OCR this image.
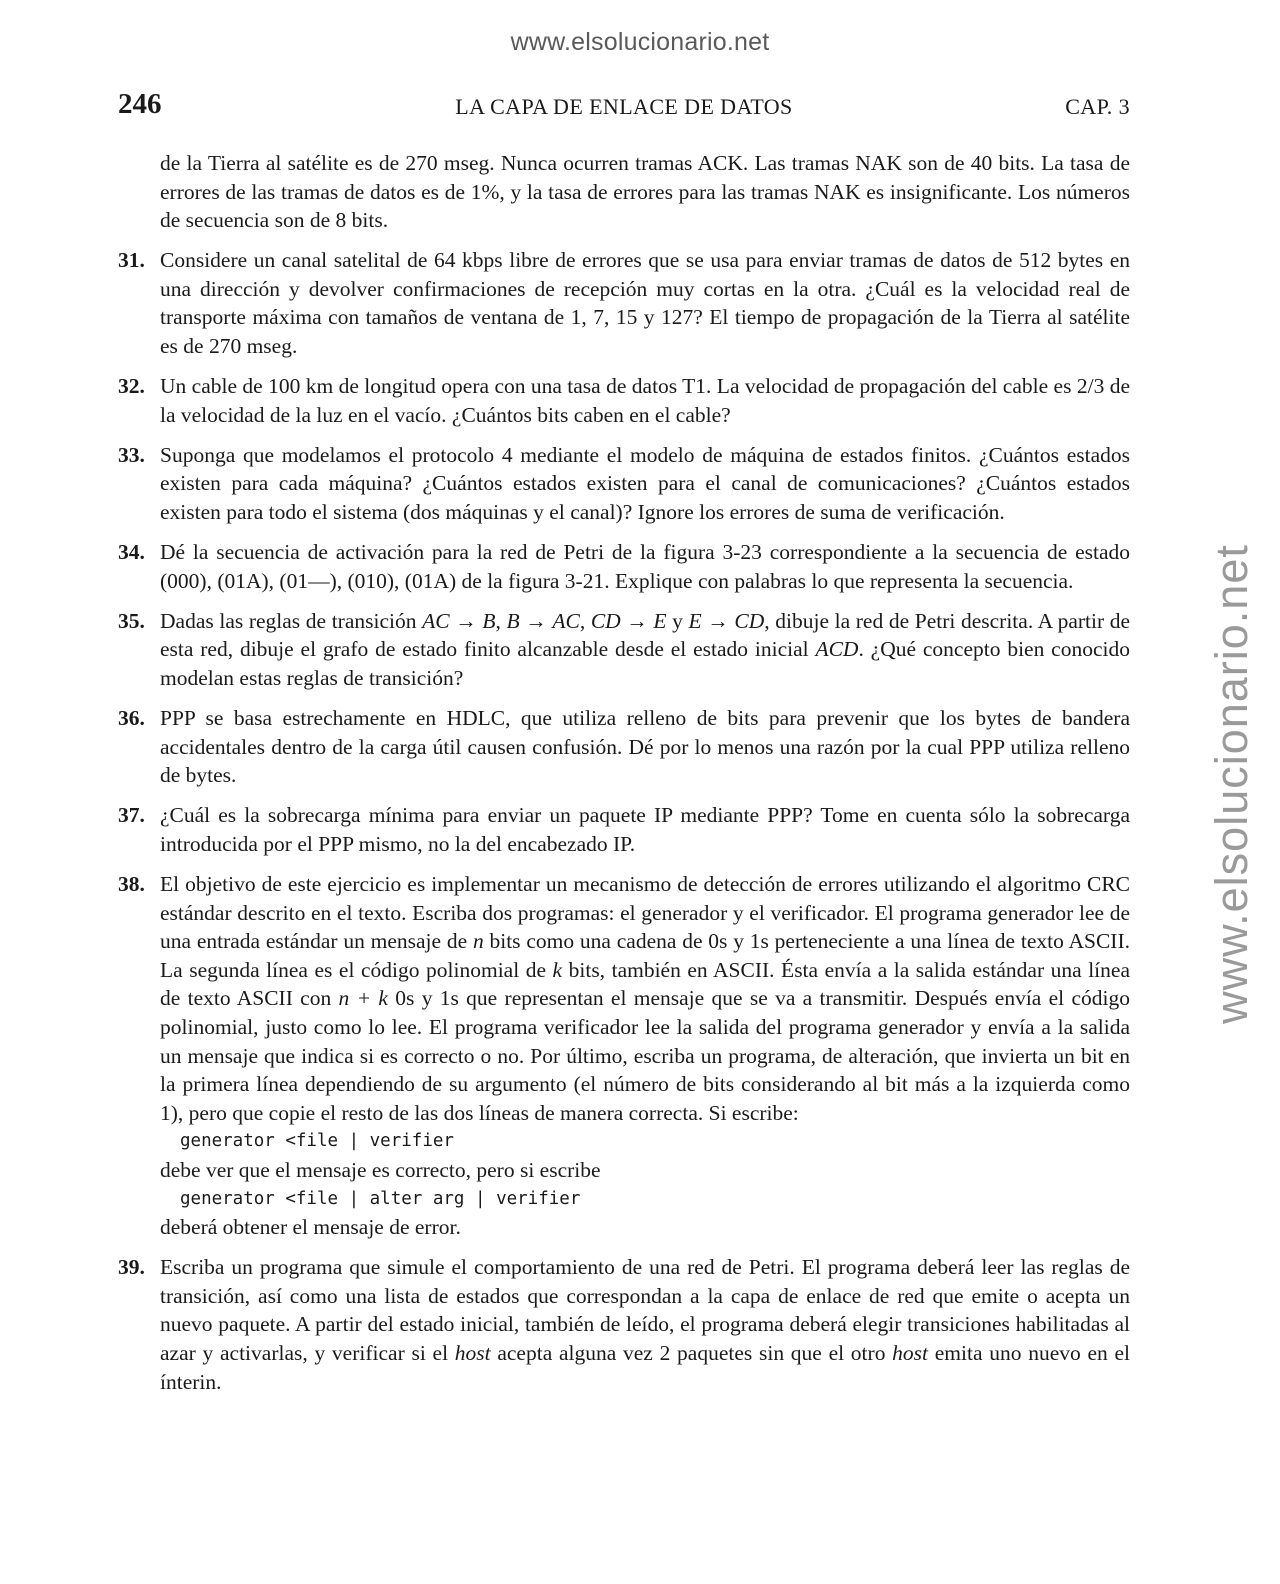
www.elsolucionario.net
www.elsolucionario.net
246	LA CAPA DE ENLACE DE DATOS	CAP. 3

de la Tierra al satélite es de 270 mseg. Nunca ocurren tramas ACK. Las tramas NAK son de 40 bits. La tasa de errores de las tramas de datos es de 1%, y la tasa de errores para las tramas NAK es insignificante. Los números de secuencia son de 8 bits.

31. Considere un canal satelital de 64 kbps libre de errores que se usa para enviar tramas de datos de 512 bytes en una dirección y devolver confirmaciones de recepción muy cortas en la otra. ¿Cuál es la velocidad real de transporte máxima con tamaños de ventana de 1, 7, 15 y 127? El tiempo de propagación de la Tierra al satélite es de 270 mseg.
32. Un cable de 100 km de longitud opera con una tasa de datos T1. La velocidad de propagación del cable es 2/3 de la velocidad de la luz en el vacío. ¿Cuántos bits caben en el cable?
33. Suponga que modelamos el protocolo 4 mediante el modelo de máquina de estados finitos. ¿Cuántos estados existen para cada máquina? ¿Cuántos estados existen para el canal de comunicaciones? ¿Cuántos estados existen para todo el sistema (dos máquinas y el canal)? Ignore los errores de suma de verificación.
34. Dé la secuencia de activación para la red de Petri de la figura 3-23 correspondiente a la secuencia de estado (000), (01A), (01—), (010), (01A) de la figura 3-21. Explique con palabras lo que representa la secuencia.
35. Dadas las reglas de transición AC → B, B → AC, CD → E y E → CD, dibuje la red de Petri descrita. A partir de esta red, dibuje el grafo de estado finito alcanzable desde el estado inicial ACD. ¿Qué concepto bien conocido modelan estas reglas de transición?
36. PPP se basa estrechamente en HDLC, que utiliza relleno de bits para prevenir que los bytes de bandera accidentales dentro de la carga útil causen confusión. Dé por lo menos una razón por la cual PPP utiliza relleno de bytes.
37. ¿Cuál es la sobrecarga mínima para enviar un paquete IP mediante PPP? Tome en cuenta sólo la sobrecarga introducida por el PPP mismo, no la del encabezado IP.
38. El objetivo de este ejercicio es implementar un mecanismo de detección de errores utilizando el algoritmo CRC estándar descrito en el texto. Escriba dos programas: el generador y el verificador. El programa generador lee de una entrada estándar un mensaje de n bits como una cadena de 0s y 1s perteneciente a una línea de texto ASCII. La segunda línea es el código polinomial de k bits, también en ASCII. Ésta envía a la salida estándar una línea de texto ASCII con n + k 0s y 1s que representan el mensaje que se va a transmitir. Después envía el código polinomial, justo como lo lee. El programa verificador lee la salida del programa generador y envía a la salida un mensaje que indica si es correcto o no. Por último, escriba un programa, de alteración, que invierta un bit en la primera línea dependiendo de su argumento (el número de bits considerando al bit más a la izquierda como 1), pero que copie el resto de las dos líneas de manera correcta. Si escribe:
generator <file | verifier
debe ver que el mensaje es correcto, pero si escribe
generator <file | alter arg | verifier
deberá obtener el mensaje de error.
39. Escriba un programa que simule el comportamiento de una red de Petri. El programa deberá leer las reglas de transición, así como una lista de estados que correspondan a la capa de enlace de red que emite o acepta un nuevo paquete. A partir del estado inicial, también de leído, el programa deberá elegir transiciones habilitadas al azar y activarlas, y verificar si el host acepta alguna vez 2 paquetes sin que el otro host emita uno nuevo en el ínterin.
